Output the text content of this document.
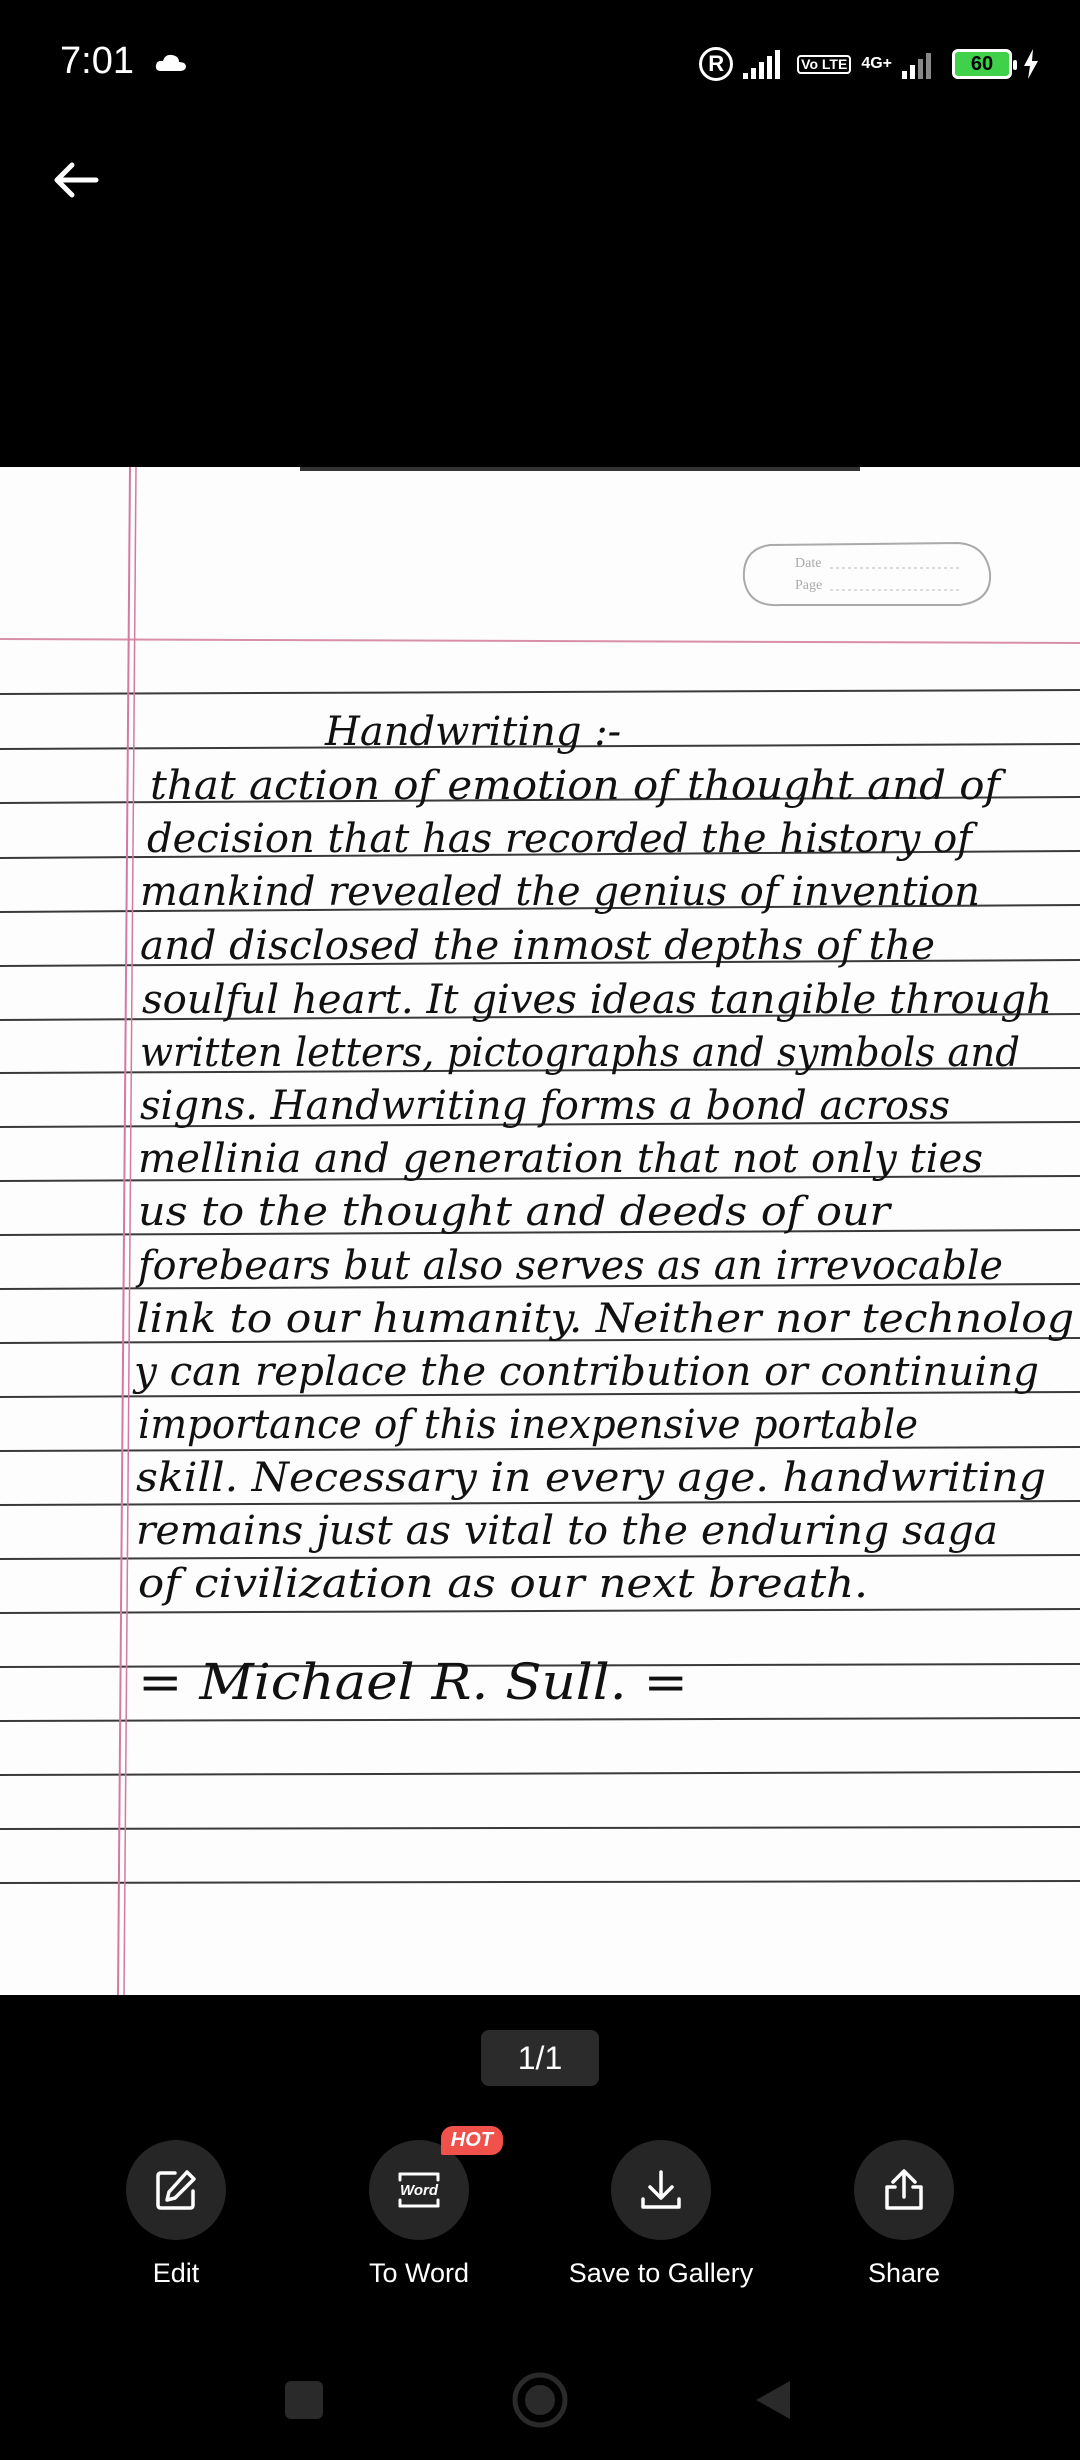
7:01	R	Vo LTE 4G+	60
Date
Page
Handwriting :-
that action of emotion of thought and of
decision that has recorded the history of
mankind revealed the genius of invention
and disclosed the inmost depths of the
soulful heart. It gives ideas tangible through
written letters, pictographs and symbols and
signs. Handwriting forms a bond across
mellinia and generation that not only ties
us to the thought and deeds of our
forebears but also serves as an irrevocable
link to our humanity. Neither nor technolog
y can replace the contribution or continuing
importance of this inexpensive portable
skill. Necessary in every age. handwriting
remains just as vital to the enduring saga
of civilization as our next breath.
= Michael R. Sull. =
1/1
Edit
Word
HOT
To Word	Save to Gallery	Share
